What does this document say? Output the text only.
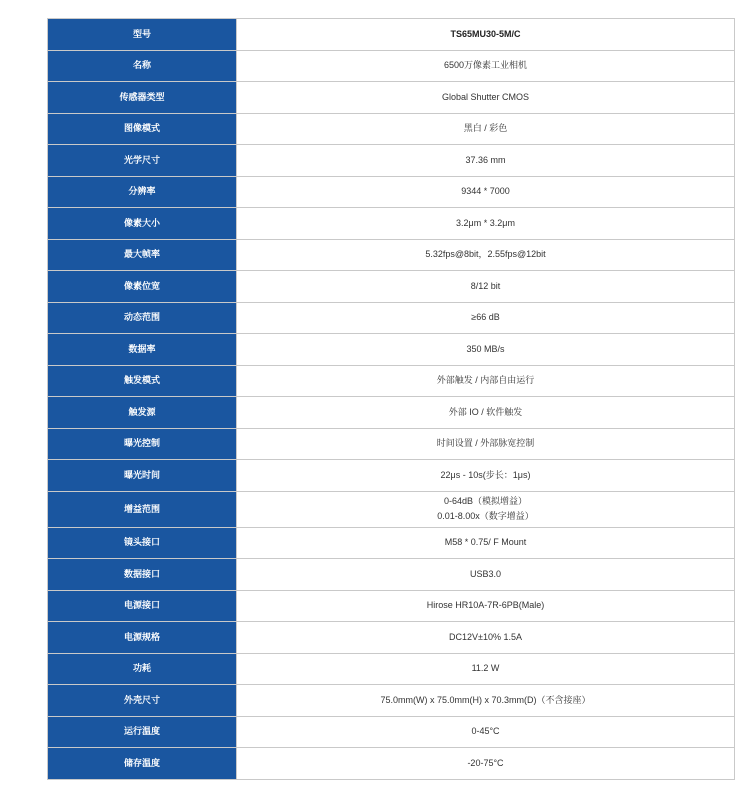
型号	TS65MU30-5M/C
名称	6500万像素工业相机
传感器类型	Global Shutter CMOS
图像模式	黑白 / 彩色
光学尺寸	37.36 mm
分辨率	9344 * 7000
像素大小	3.2μm * 3.2μm
最大帧率	5.32fps@8bit，2.55fps@12bit
像素位宽	8/12 bit
动态范围	≥66 dB
数据率	350 MB/s
触发模式	外部触发 / 内部自由运行
触发源	外部 IO / 软件触发
曝光控制	时间设置 / 外部脉宽控制
曝光时间	22μs - 10s(步长：1μs)
增益范围	0-64dB（模拟增益）
0.01-8.00x（数字增益）

镜头接口	M58 * 0.75/ F Mount
数据接口	USB3.0
电源接口	Hirose HR10A-7R-6PB(Male)
电源规格	DC12V±10% 1.5A
功耗	11.2 W
外壳尺寸	75.0mm(W) x 75.0mm(H) x 70.3mm(D)（不含接座）
运行温度	0-45°C
储存温度	-20-75°C
